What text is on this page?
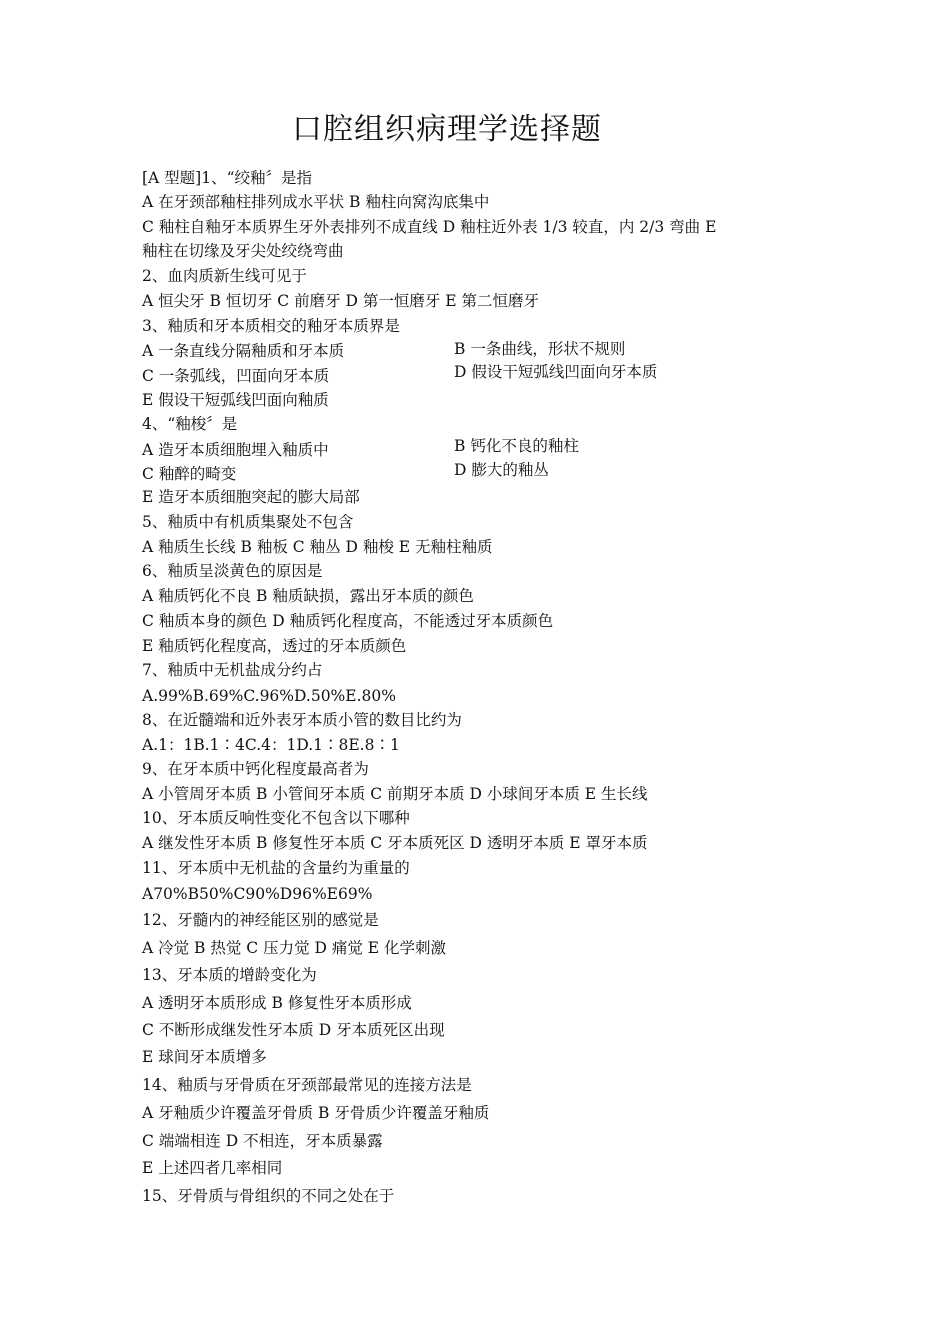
口腔组织病理学选择题
[A 型题]1、“绞釉〞是指
A 在牙颈部釉柱排列成水平状 B 釉柱向窝沟底集中
C 釉柱自釉牙本质界生牙外表排列不成直线 D 釉柱近外表 1/3 较直，内 2/3 弯曲 E
釉柱在切缘及牙尖处绞绕弯曲
2、血肉质新生线可见于
A 恒尖牙 B 恒切牙 C 前磨牙 D 第一恒磨牙 E 第二恒磨牙
3、釉质和牙本质相交的釉牙本质界是
A 一条直线分隔釉质和牙本质	B 一条曲线，形状不规则
C 一条弧线，凹面向牙本质	D 假设干短弧线凹面向牙本质
E 假设干短弧线凹面向釉质
4、“釉梭〞是
A 造牙本质细胞埋入釉质中	B 钙化不良的釉柱
C 釉醉的畸变	D 膨大的釉丛
E 造牙本质细胞突起的膨大局部
5、釉质中有机质集聚处不包含
A 釉质生长线 B 釉板 C 釉丛 D 釉梭 E 无釉柱釉质
6、釉质呈淡黄色的原因是
A 釉质钙化不良 B 釉质缺损，露出牙本质的颜色
C 釉质本身的颜色 D 釉质钙化程度高，不能透过牙本质颜色
E 釉质钙化程度高，透过的牙本质颜色
7、釉质中无机盐成分约占
A.99%B.69%C.96%D.50%E.80%
8、在近髓端和近外表牙本质小管的数目比约为
A.1：1B.1∶4C.4：1D.1∶8E.8∶1
9、在牙本质中钙化程度最高者为
A 小管周牙本质 B 小管间牙本质 C 前期牙本质 D 小球间牙本质 E 生长线
10、牙本质反响性变化不包含以下哪种
A 继发性牙本质 B 修复性牙本质 C 牙本质死区 D 透明牙本质 E 罩牙本质
11、牙本质中无机盐的含量约为重量的
A70%B50%C90%D96%E69%
12、牙髓内的神经能区别的感觉是
A 冷觉 B 热觉 C 压力觉 D 痛觉 E 化学刺激
13、牙本质的增龄变化为
A 透明牙本质形成 B 修复性牙本质形成
C 不断形成继发性牙本质 D 牙本质死区出现
E 球间牙本质增多
14、釉质与牙骨质在牙颈部最常见的连接方法是
A 牙釉质少许覆盖牙骨质 B 牙骨质少许覆盖牙釉质
C 端端相连 D 不相连，牙本质暴露
E 上述四者几率相同
15、牙骨质与骨组织的不同之处在于
